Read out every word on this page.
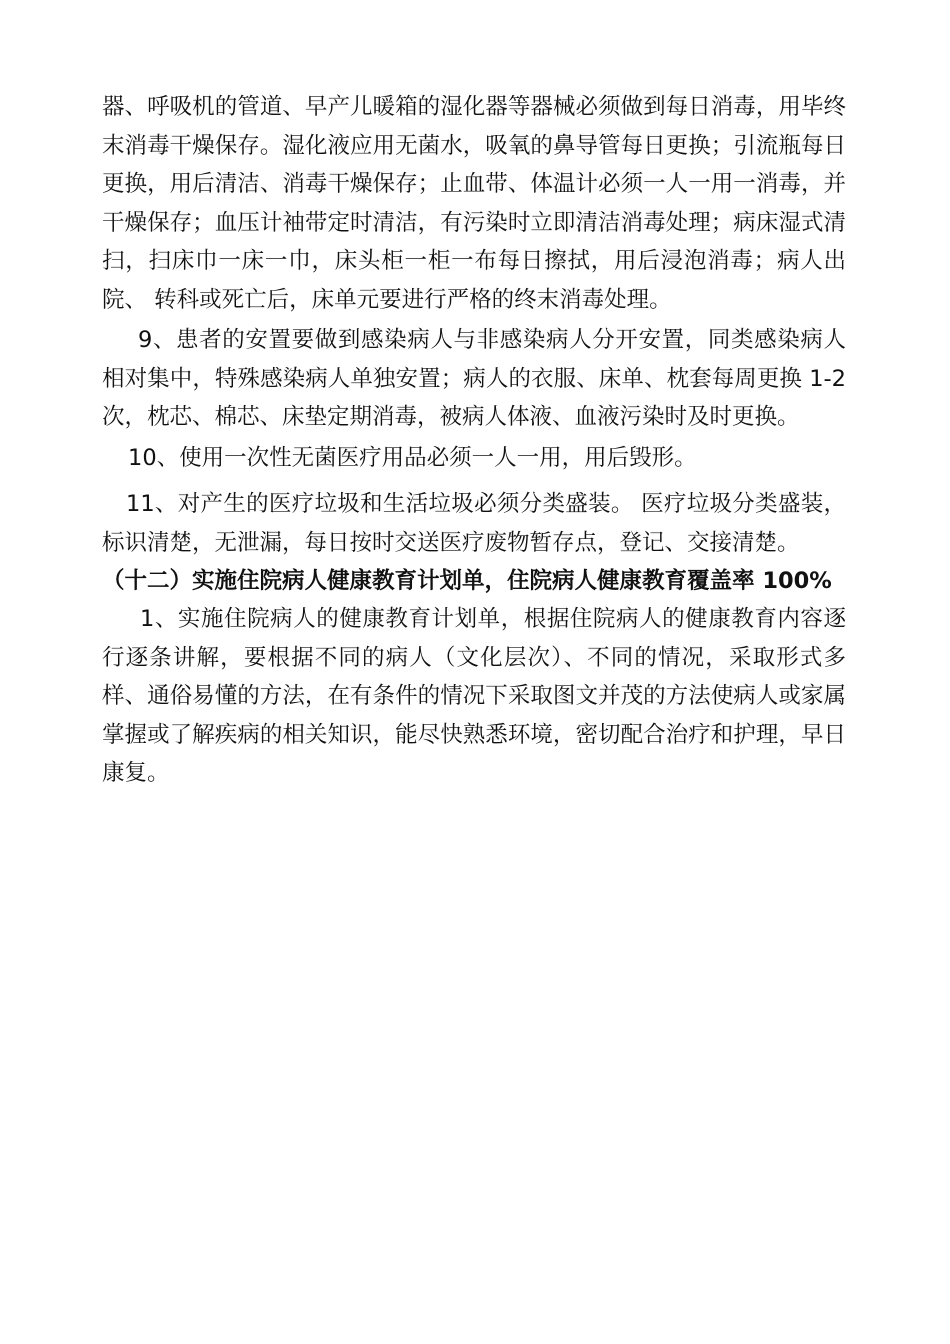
器、呼吸机的管道、早产儿暖箱的湿化器等器械必须做到每日消毒，用毕终末消毒干燥保存。湿化液应用无菌水，吸氧的鼻导管每日更换；引流瓶每日更换，用后清洁、消毒干燥保存；止血带、体温计必须一人一用一消毒，并干燥保存；血压计袖带定时清洁，有污染时立即清洁消毒处理；病床湿式清扫，扫床巾一床一巾，床头柜一柜一布每日擦拭，用后浸泡消毒；病人出院、 转科或死亡后，床单元要进行严格的终末消毒处理。

9、患者的安置要做到感染病人与非感染病人分开安置，同类感染病人相对集中，特殊感染病人单独安置；病人的衣服、床单、枕套每周更换 1-2 次，枕芯、棉芯、床垫定期消毒，被病人体液、血液污染时及时更换。

10、使用一次性无菌医疗用品必须一人一用，用后毁形。

11、对产生的医疗垃圾和生活垃圾必须分类盛装。 医疗垃圾分类盛装，标识清楚，无泄漏，每日按时交送医疗废物暂存点，登记、交接清楚。

（十二）实施住院病人健康教育计划单，住院病人健康教育覆盖率 100%

1、实施住院病人的健康教育计划单，根据住院病人的健康教育内容逐行逐条讲解，要根据不同的病人（文化层次）、不同的情况，采取形式多样、通俗易懂的方法，在有条件的情况下采取图文并茂的方法使病人或家属掌握或了解疾病的相关知识，能尽快熟悉环境，密切配合治疗和护理，早日康复。
